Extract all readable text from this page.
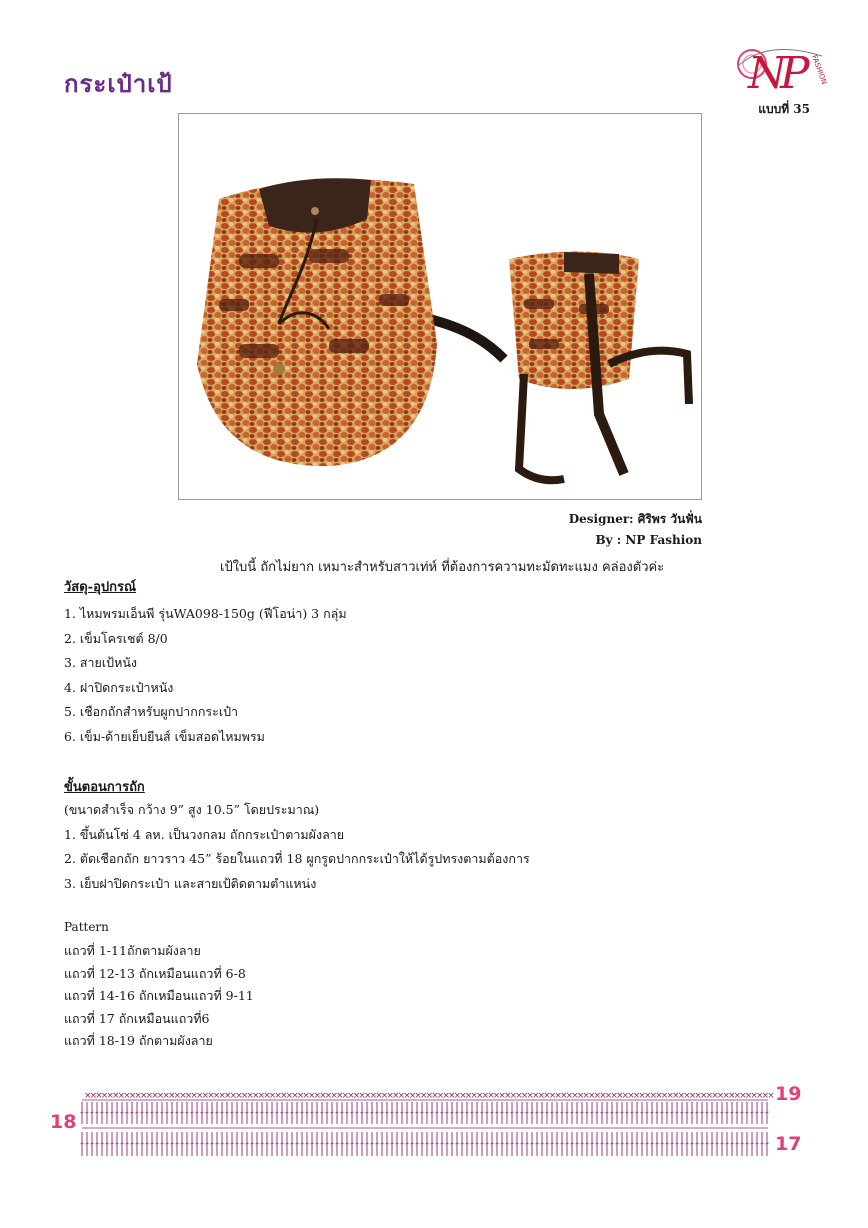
กระเป๋าเป้	N
P FASHION
แบบที่ 35
Designer: ศิริพร วันฟั่น
By : NP Fashion
เป้ใบนี้ ถักไม่ยาก เหมาะสำหรับสาวเท่ห์ ที่ต้องการความทะมัดทะแมง คล่องตัวค่ะ
วัสดุ-อุปกรณ์
1. ไหมพรมเอ็นพี รุ่นWA098-150g (ฟีโอน่า) 3 กลุ่ม
2. เข็มโครเชต์ 8/0
3. สายเป้หนัง
4. ฝาปิดกระเป๋าหนัง
5. เชือกถักสำหรับผูกปากกระเป๋า
6. เข็ม-ด้ายเย็บยีนส์ เข็มสอดไหมพรม
ขั้นตอนการถัก
(ขนาดสำเร็จ กว้าง 9” สูง 10.5” โดยประมาณ)
1. ขึ้นต้นโซ่ 4 ลห. เป็นวงกลม ถักกระเป๋าตามผังลาย
2. ตัดเชือกถัก ยาวราว 45” ร้อยในแถวที่ 18 ผูกรูดปากกระเป๋าให้ได้รูปทรงตามต้องการ
3. เย็บฝาปิดกระเป๋า และสายเป้ติดตามตำแหน่ง
Pattern
แถวที่ 1-11ถักตามผังลาย
แถวที่ 12-13 ถักเหมือนแถวที่ 6-8
แถวที่ 14-16 ถักเหมือนแถวที่ 9-11
แถวที่ 17 ถักเหมือนแถวที่6
แถวที่ 18-19 ถักตามผังลาย
×
×
×
×
×
×
×
×
×
×
×
×
×
×
×
×
×
×
×
×
×
×
×
×
×
×
×
×
×
×
×
×
×
×
×
×
×
×
×
×
×
×
×
×
×
×
×
×
×
×
×
×
×
×
×
×
×
×
×
×
×
×
×
×
×
×
×
×
×
×
×
×
×
×
×
×
×
×
×
×
×
×
×
×
×
×
×
×
×
×
×
×
×
×
×
×
×
×
×
×
×
×
×
×
×
×
×
×
×
×
×
×
×
×
×
×
×
×
×
×
×
×
×
18
19
17
